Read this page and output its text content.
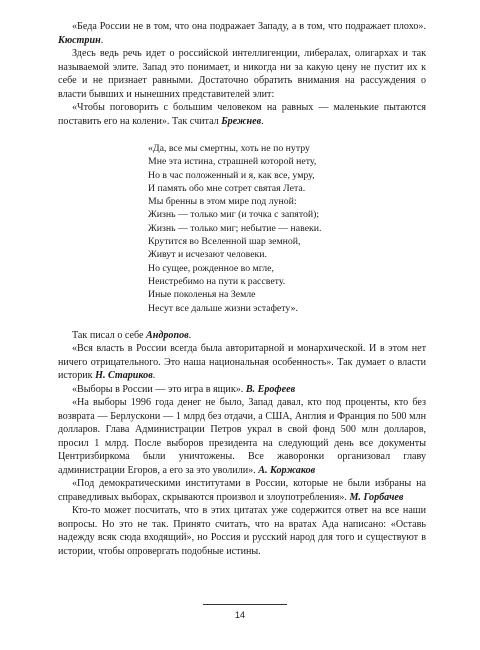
«Беда России не в том, что она подражает Западу, а в том, что подражает плохо». Кюстрин.

Здесь ведь речь идет о российской интеллигенции, либералах, олигархах и так называемой элите. Запад это понимает, и никогда ни за какую цену не пустит их к себе и не признает равными. Достаточно обратить внимания на рассуждения о власти бывших и нынешних представителей элит:

«Чтобы поговорить с большим человеком на равных — маленькие пытаются поставить его на колени». Так считал Брежнев.

«Да, все мы смертны, хоть не по нутру
Мне эта истина, страшней которой нету,
Но в час положенный и я, как все, умру,
И память обо мне сотрет святая Лета.
Мы бренны в этом мире под луной:
Жизнь — только миг (и точка с запятой);
Жизнь — только миг; небытие — навеки.
Крутится во Вселенной шар земной,
Живут и исчезают человеки.
Но сущее, рожденное во мгле,
Неистребимо на пути к рассвету.
Иные поколенья на Земле
Несут все дальше жизни эстафету».

Так писал о себе Андропов.

«Вся власть в России всегда была авторитарной и монархической. И в этом нет ничего отрицательного. Это наша национальная особенность». Так думает о власти историк Н. Стариков.

«Выборы в России — это игра в ящик». В. Ерофеев

«На выборы 1996 года денег не было, Запад давал, кто под проценты, кто без возврата — Берлускони — 1 млрд без отдачи, а США, Англия и Франция по 500 млн долларов. Глава Администрации Петров украл в свой фонд 500 млн долларов, просил 1 млрд. После выборов президента на следующий день все документы Центризбиркома были уничтожены. Все жаворонки организовал главу администрации Егоров, а его за это уволили». А. Коржаков

«Под демократическими институтами в России, которые не были избраны на справедливых выборах, скрываются произвол и злоупотребления». М. Горбачев

Кто-то может посчитать, что в этих цитатах уже содержится ответ на все наши вопросы. Но это не так. Принято считать, что на вратах Ада написано: «Оставь надежду всяк сюда входящий», но Россия и русский народ для того и существуют в истории, чтобы опровергать подобные истины.

14
